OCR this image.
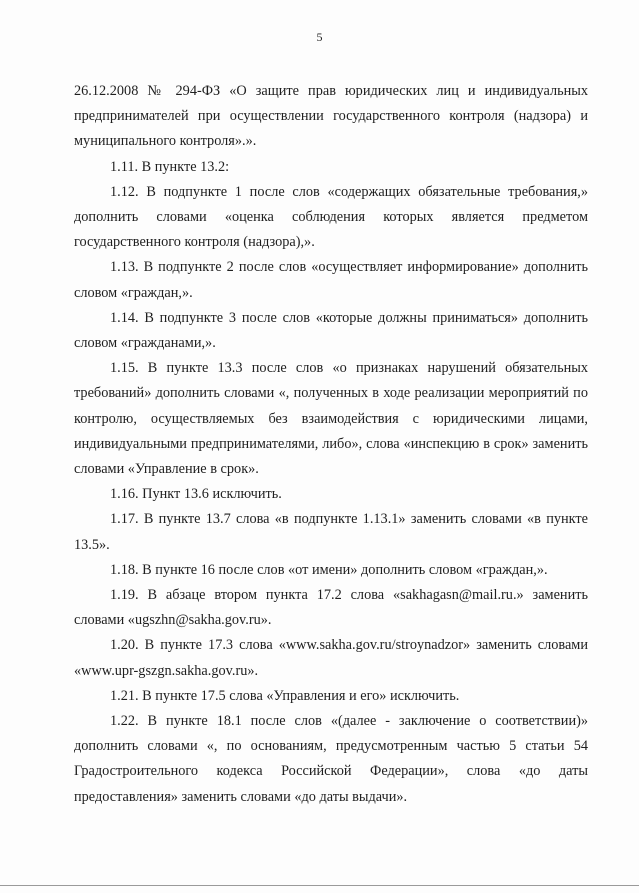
5

26.12.2008 № 294-ФЗ «О защите прав юридических лиц и индивидуальных предпринимателей при осуществлении государственного контроля (надзора) и муниципального контроля».».

1.11. В пункте 13.2:

1.12. В подпункте 1 после слов «содержащих обязательные требования,» дополнить словами «оценка соблюдения которых является предметом государственного контроля (надзора),».

1.13. В подпункте 2 после слов «осуществляет информирование» дополнить словом «граждан,».

1.14. В подпункте 3 после слов «которые должны приниматься» дополнить словом «гражданами,».

1.15. В пункте 13.3 после слов «о признаках нарушений обязательных требований» дополнить словами «, полученных в ходе реализации мероприятий по контролю, осуществляемых без взаимодействия с юридическими лицами, индивидуальными предпринимателями, либо», слова «инспекцию в срок» заменить словами «Управление в срок».

1.16. Пункт 13.6 исключить.

1.17. В пункте 13.7 слова «в подпункте 1.13.1» заменить словами «в пункте 13.5».

1.18. В пункте 16 после слов «от имени» дополнить словом «граждан,».

1.19. В абзаце втором пункта 17.2 слова «sakhagasn@mail.ru.» заменить словами «ugszhn@sakha.gov.ru».

1.20. В пункте 17.3 слова «www.sakha.gov.ru/stroynadzor» заменить словами «www.upr-gszgn.sakha.gov.ru».

1.21. В пункте 17.5 слова «Управления и его» исключить.

1.22. В пункте 18.1 после слов «(далее - заключение о соответствии)» дополнить словами «, по основаниям, предусмотренным частью 5 статьи 54 Градостроительного кодекса Российской Федерации», слова «до даты предоставления» заменить словами «до даты выдачи».
